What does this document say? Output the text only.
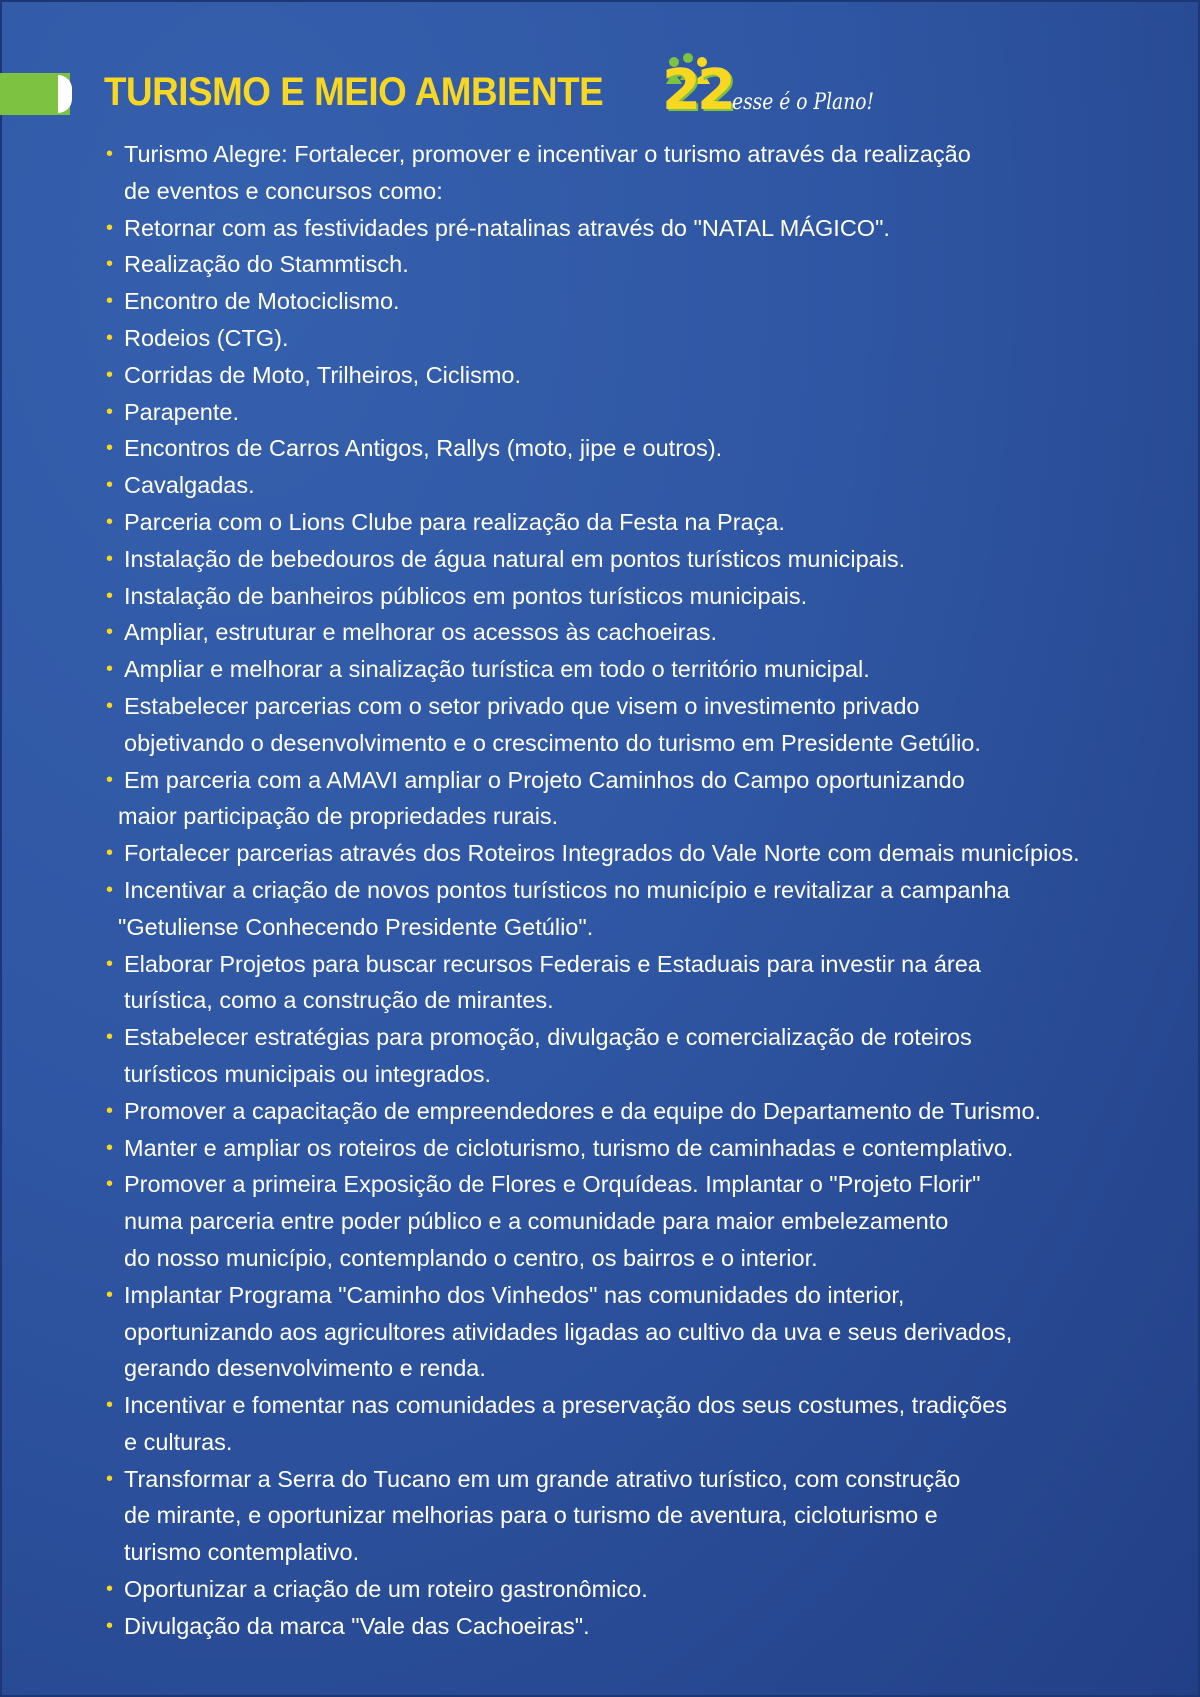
TURISMO E MEIO AMBIENTE 22 esse é o Plano!
• Turismo Alegre: Fortalecer, promover e incentivar o turismo através da realização
de eventos e concursos como:
• Retornar com as festividades pré-natalinas através do "NATAL MÁGICO".
• Realização do Stammtisch.
• Encontro de Motociclismo.
• Rodeios (CTG).
• Corridas de Moto, Trilheiros, Ciclismo.
• Parapente.
• Encontros de Carros Antigos, Rallys (moto, jipe e outros).
• Cavalgadas.
• Parceria com o Lions Clube para realização da Festa na Praça.
• Instalação de bebedouros de água natural em pontos turísticos municipais.
• Instalação de banheiros públicos em pontos turísticos municipais.
• Ampliar, estruturar e melhorar os acessos às cachoeiras.
• Ampliar e melhorar a sinalização turística em todo o território municipal.
• Estabelecer parcerias com o setor privado que visem o investimento privado
objetivando o desenvolvimento e o crescimento do turismo em Presidente Getúlio.
• Em parceria com a AMAVI ampliar o Projeto Caminhos do Campo oportunizando
maior participação de propriedades rurais.
• Fortalecer parcerias através dos Roteiros Integrados do Vale Norte com demais municípios.
• Incentivar a criação de novos pontos turísticos no município e revitalizar a campanha
"Getuliense Conhecendo Presidente Getúlio".
• Elaborar Projetos para buscar recursos Federais e Estaduais para investir na área
turística, como a construção de mirantes.
• Estabelecer estratégias para promoção, divulgação e comercialização de roteiros
turísticos municipais ou integrados.
• Promover a capacitação de empreendedores e da equipe do Departamento de Turismo.
• Manter e ampliar os roteiros de cicloturismo, turismo de caminhadas e contemplativo.
• Promover a primeira Exposição de Flores e Orquídeas. Implantar o "Projeto Florir"
numa parceria entre poder público e a comunidade para maior embelezamento
do nosso município, contemplando o centro, os bairros e o interior.
• Implantar Programa "Caminho dos Vinhedos" nas comunidades do interior,
oportunizando aos agricultores atividades ligadas ao cultivo da uva e seus derivados,
gerando desenvolvimento e renda.
• Incentivar e fomentar nas comunidades a preservação dos seus costumes, tradições
e culturas.
• Transformar a Serra do Tucano em um grande atrativo turístico, com construção
de mirante, e oportunizar melhorias para o turismo de aventura, cicloturismo e
turismo contemplativo.
• Oportunizar a criação de um roteiro gastronômico.
• Divulgação da marca "Vale das Cachoeiras".
